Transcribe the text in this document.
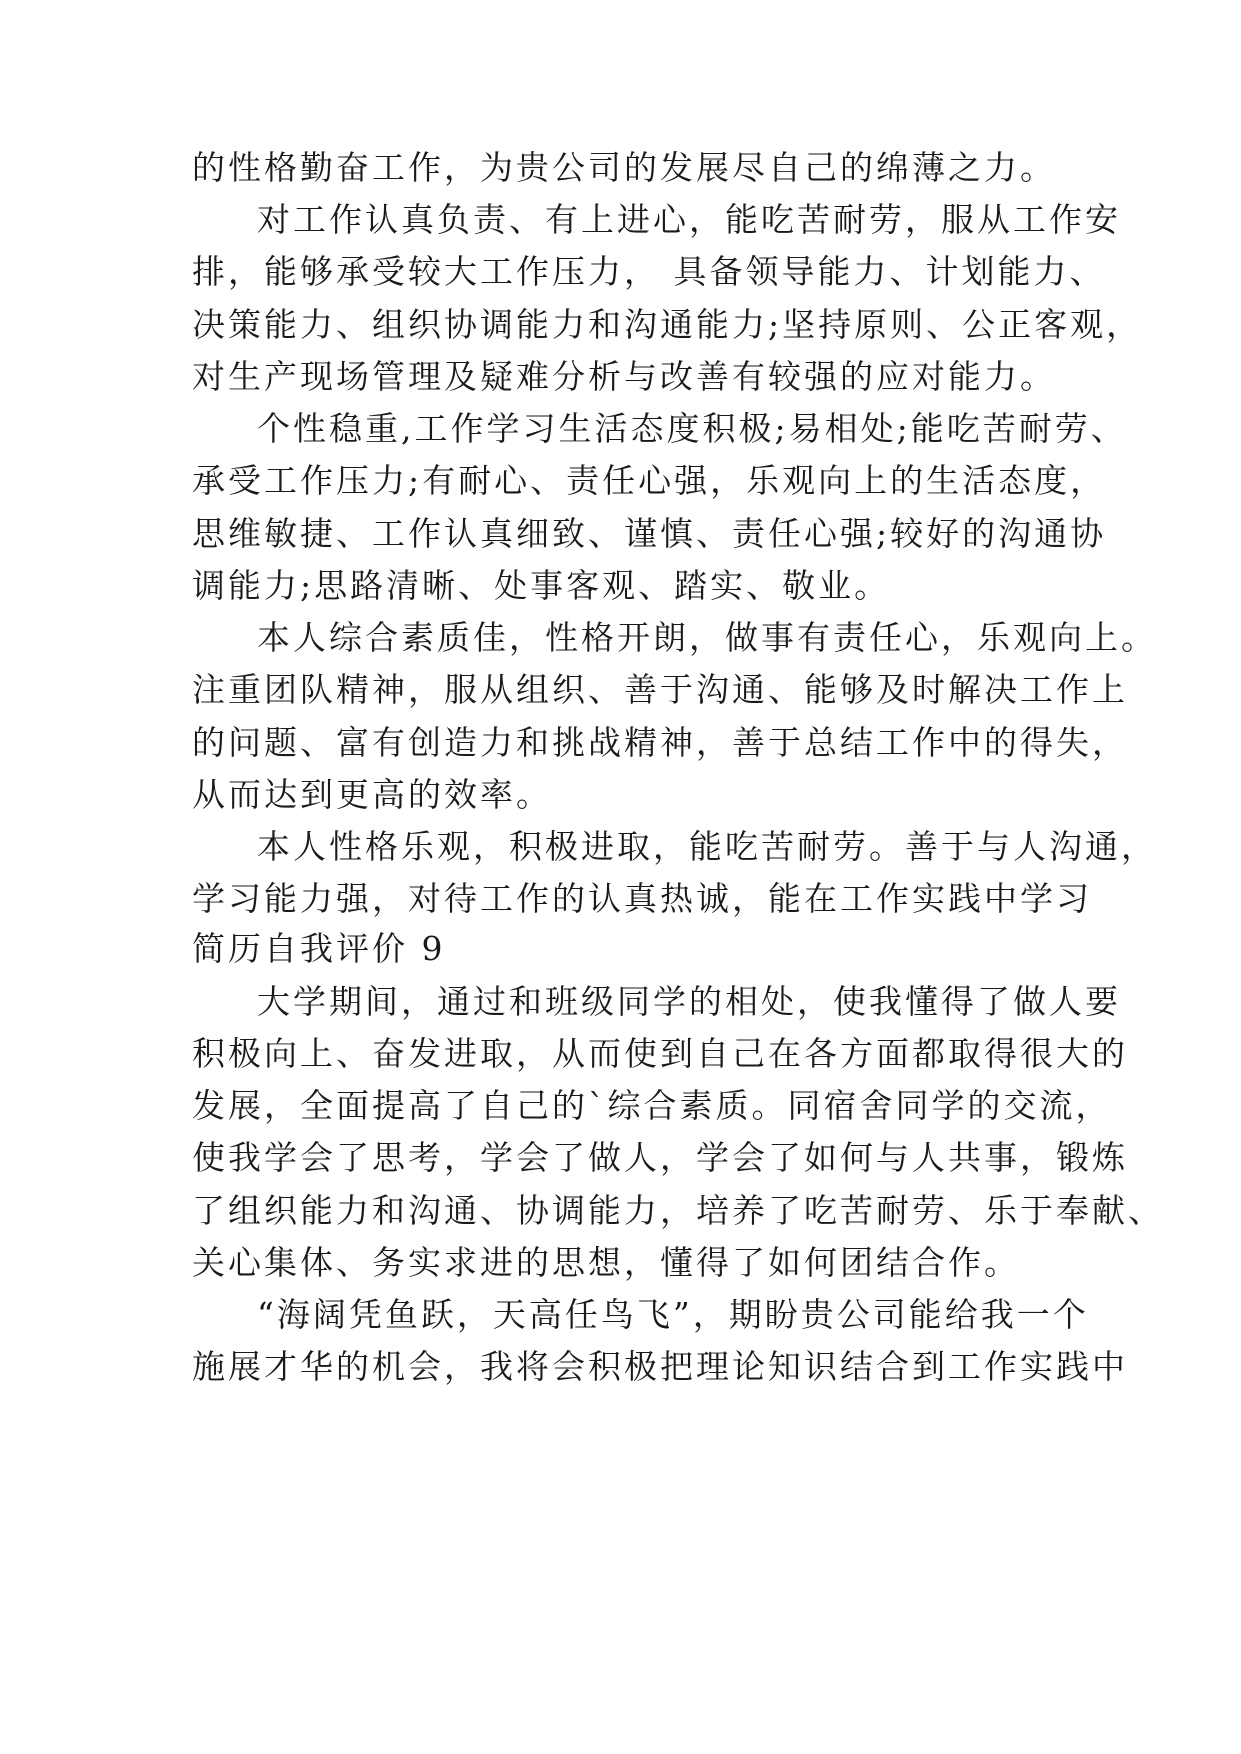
的性格勤奋工作，为贵公司的发展尽自己的绵薄之力。
对工作认真负责、有上进心，能吃苦耐劳，服从工作安
排，能够承受较大工作压力， 具备领导能力、计划能力、
决策能力、组织协调能力和沟通能力;坚持原则、公正客观，
对生产现场管理及疑难分析与改善有较强的应对能力。
个性稳重,工作学习生活态度积极;易相处;能吃苦耐劳、
承受工作压力;有耐心、责任心强，乐观向上的生活态度，
思维敏捷、工作认真细致、谨慎、责任心强;较好的沟通协
调能力;思路清晰、处事客观、踏实、敬业。
本人综合素质佳，性格开朗，做事有责任心，乐观向上。
注重团队精神，服从组织、善于沟通、能够及时解决工作上
的问题、富有创造力和挑战精神，善于总结工作中的得失，
从而达到更高的效率。
本人性格乐观，积极进取，能吃苦耐劳。善于与人沟通，
学习能力强，对待工作的认真热诚，能在工作实践中学习
简历自我评价 9
大学期间，通过和班级同学的相处，使我懂得了做人要
积极向上、奋发进取，从而使到自己在各方面都取得很大的
发展，全面提高了自己的`综合素质。同宿舍同学的交流，
使我学会了思考，学会了做人，学会了如何与人共事，锻炼
了组织能力和沟通、协调能力，培养了吃苦耐劳、乐于奉献、
关心集体、务实求进的思想，懂得了如何团结合作。
“海阔凭鱼跃，天高任鸟飞”，期盼贵公司能给我一个
施展才华的机会，我将会积极把理论知识结合到工作实践中
